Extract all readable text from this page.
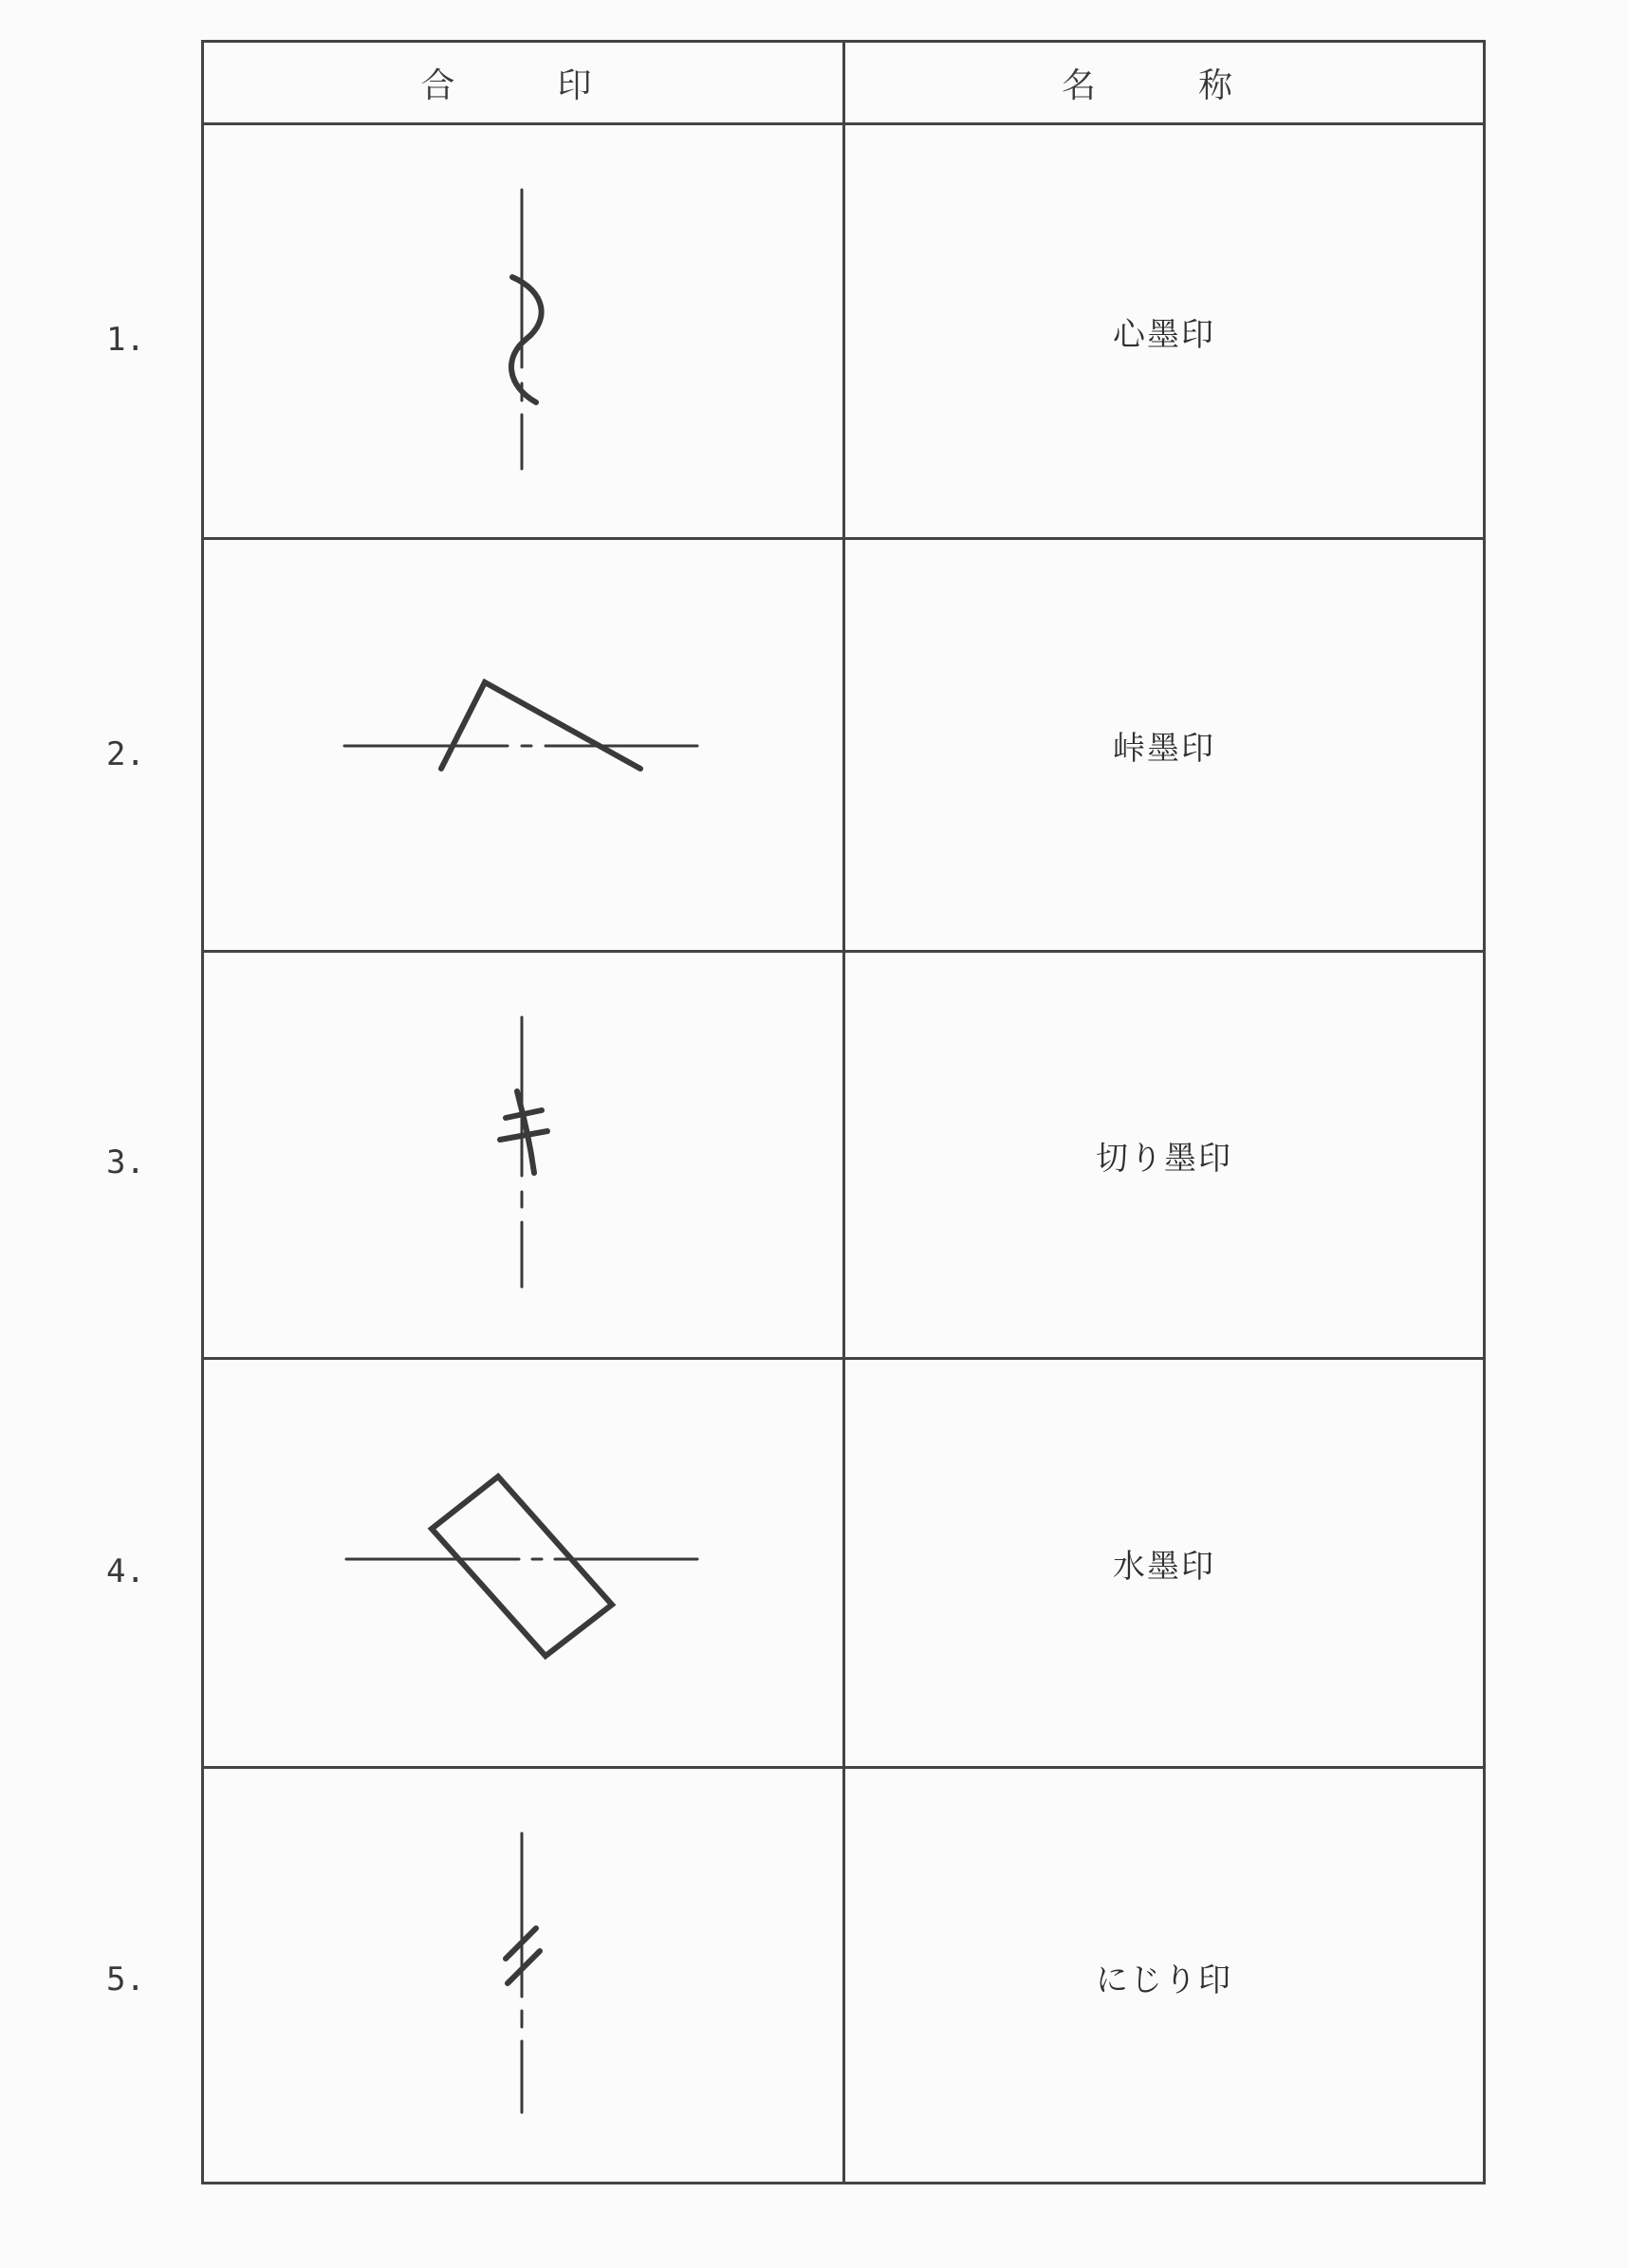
1.
2.
3.
4.
5.
合　印	名　称
心墨印
峠墨印
切り墨印
水墨印
にじり印
